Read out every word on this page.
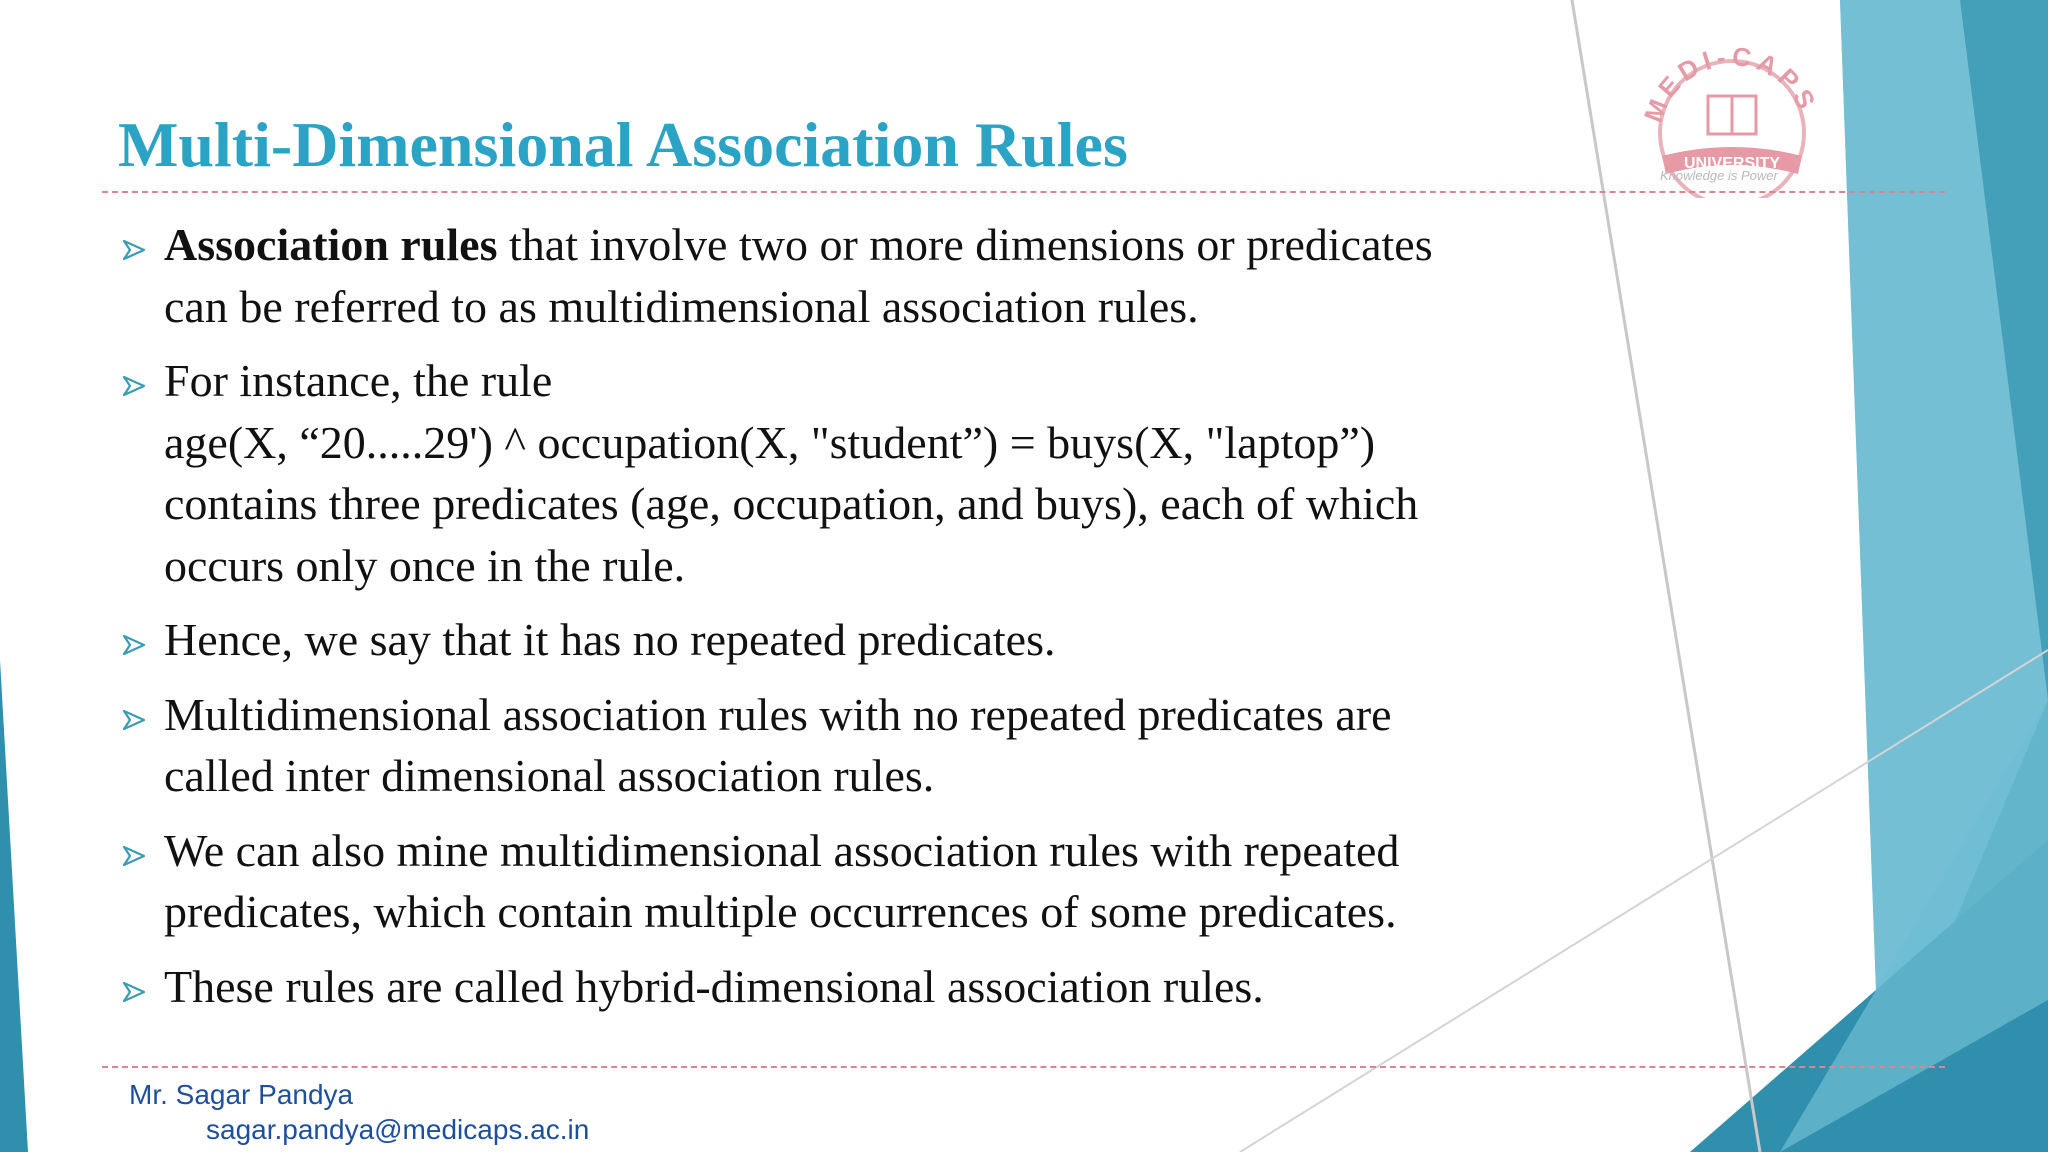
MEDI-CAPS
UNIVERSITY
Knowledge is Power
Multi-Dimensional Association Rules
Association rules that involve two or more dimensions or predicates
can be referred to as multidimensional association rules.
For instance, the rule
age(X, “20.....29') ^ occupation(X, "student”) = buys(X, "laptop”)
contains three predicates (age, occupation, and buys), each of which
occurs only once in the rule.
Hence, we say that it has no repeated predicates.
Multidimensional association rules with no repeated predicates are
called inter dimensional association rules.
We can also mine multidimensional association rules with repeated
predicates, which contain multiple occurrences of some predicates.
These rules are called hybrid-dimensional association rules.
Mr. Sagar Pandya
sagar.pandya@medicaps.ac.in
